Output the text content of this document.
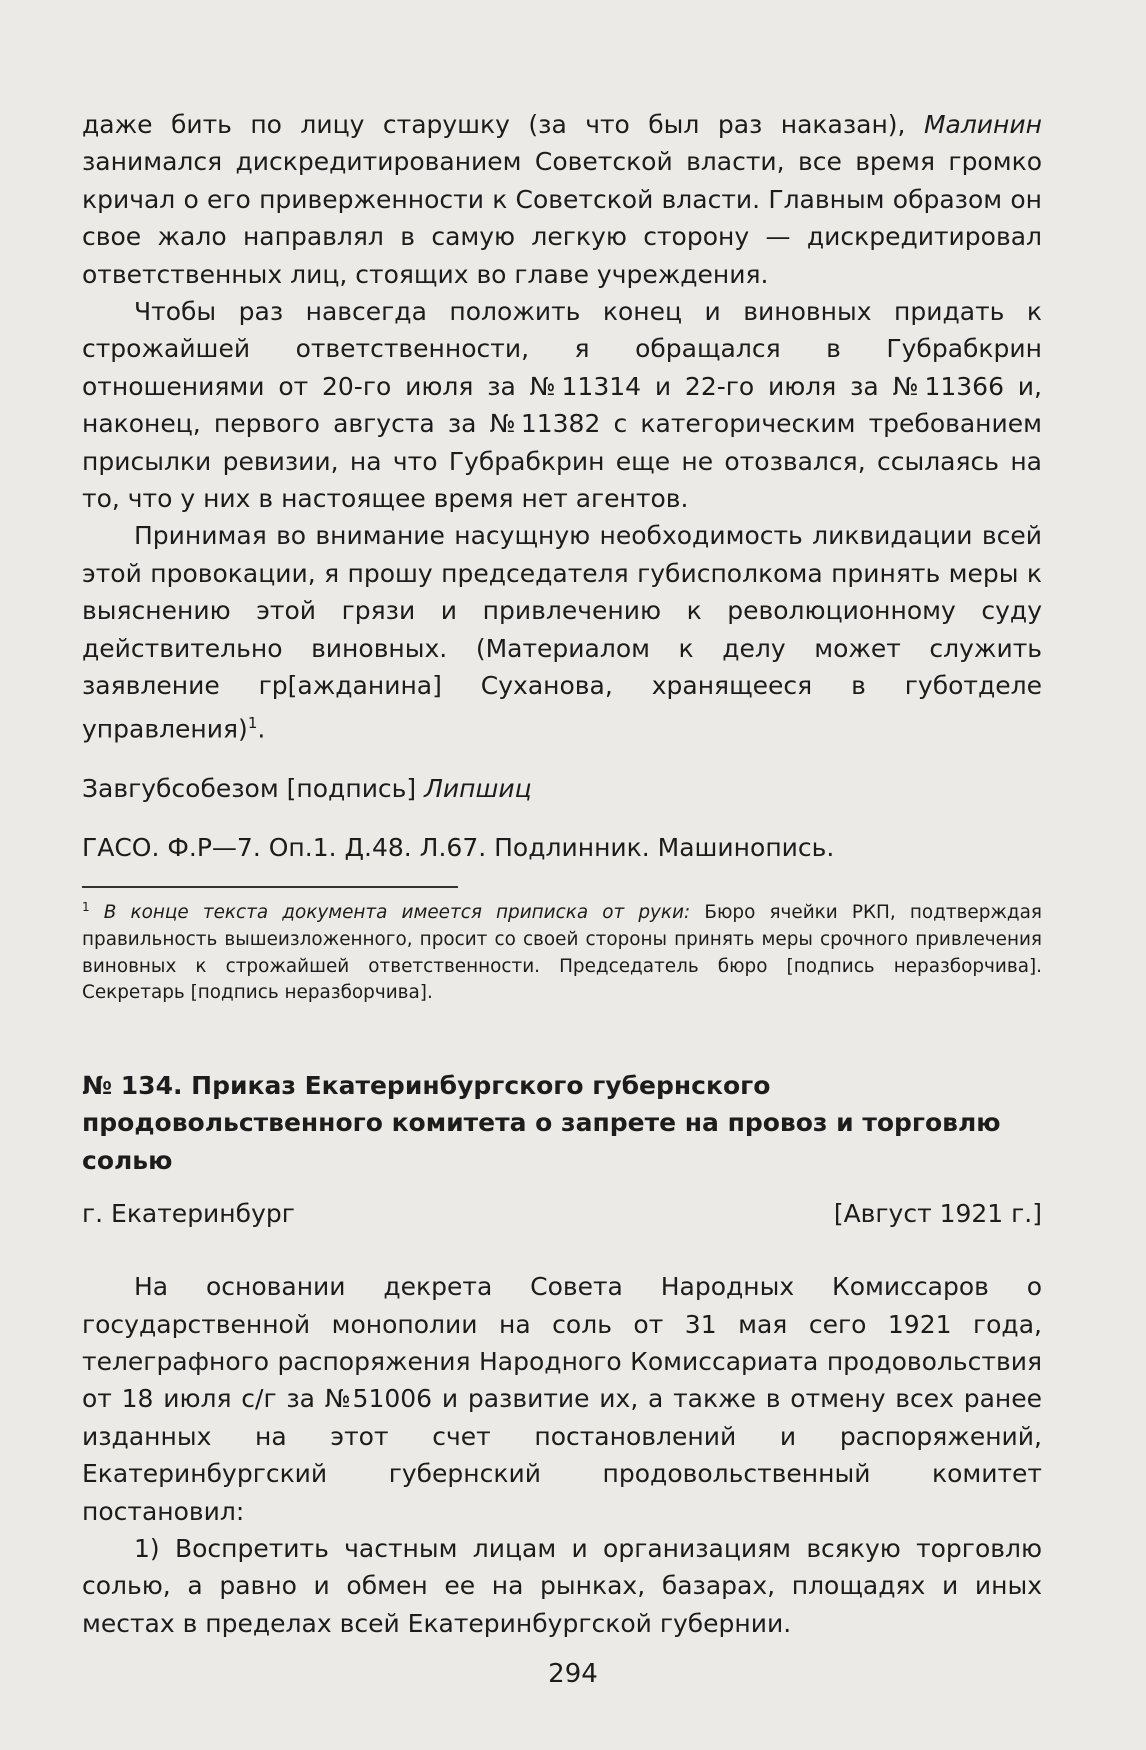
даже бить по лицу старушку (за что был раз наказан), Малинин занимался дискредитированием Советской власти, все время громко кричал о его приверженности к Советской власти. Главным образом он свое жало направлял в самую легкую сторону — дискредитировал ответственных лиц, стоящих во главе учреждения.

Чтобы раз навсегда положить конец и виновных придать к строжайшей ответственности, я обращался в Губрабкрин отношениями от 20-го июля за №11314 и 22-го июля за №11366 и, наконец, первого августа за №11382 с категорическим требованием присылки ревизии, на что Губрабкрин еще не отозвался, ссылаясь на то, что у них в настоящее время нет агентов.

Принимая во внимание насущную необходимость ликвидации всей этой провокации, я прошу председателя губисполкома принять меры к выяснению этой грязи и привлечению к революционному суду действительно виновных. (Материалом к делу может служить заявление гр[ажданина] Суханова, хранящееся в губотделе управления)$^1$.

Завгубсобезом [подпись] Липшиц
ГАСО. Ф.Р—7. Оп.1. Д.48. Л.67. Подлинник. Машинопись.

$^1$ В конце текста документа имеется приписка от руки: Бюро ячейки РКП, подтверждая правильность вышеизложенного, просит со своей стороны принять меры срочного привлечения виновных к строжайшей ответственности. Председатель бюро [подпись неразборчива]. Секретарь [подпись неразборчива].

№ 134. Приказ Екатеринбургского губернского продовольственного комитета о запрете на провоз и торговлю солью
г. Екатеринбург	[Август 1921 г.]

На основании декрета Совета Народных Комиссаров о государственной монополии на соль от 31 мая сего 1921 года, телеграфного распоряжения Народного Комиссариата продовольствия от 18 июля с/г за №51006 и развитие их, а также в отмену всех ранее изданных на этот счет постановлений и распоряжений, Екатеринбургский губернский продовольственный комитет постановил:

1) Воспретить частным лицам и организациям всякую торговлю солью, а равно и обмен ее на рынках, базарах, площадях и иных местах в пределах всей Екатеринбургской губернии.

294
